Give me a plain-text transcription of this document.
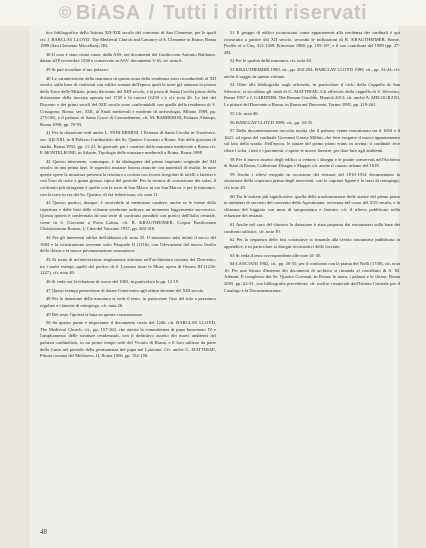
© BiASA / Tutti i diritti riservati

tico bibliografico dello Istituto XII-XIII secolo del convento di San Clemente, per le quali cfr. J. BARCLAY LLOYD, The Medieval Church and Canonry of S. Clemente in Rome, Roma 1989 (San Clemente Miscellany, III).

38 Il caso è stato citato come, dalla ASS, nei documenti del Guidiccioni Antonio Balduino, datato all'8 novembre 1550 e conservato in ASV, documento 3-16, cfr. nota 6.

39 Si può ricordare il suo palazzo.

40 Le caratteristiche della muratura in questa zona della residenza sono riconducibili al XII secolo, sulla base di confronti con edifici romani dell'epoca quali la torre già annessa in piazza della Torre delle Milizie, primo decennio del XIII secolo, e la porta di Santa Cecilia prima della distruzione della facciata operata nel 1725 e le carceri (1250 c.); cfr. nota 26. Le fasi del Ducento e dei primi secoli del XIII secolo sono confrontabili con quelle della residenza di S. Crisogono, Roma, sec. XIII, in Studi medievali e moderni di archeologia, Milano 1989, pp. 275-305, e il palazzo di Santa Croce di Gerusalemme, cfr. M. BARBERINI, Palazzo Altemps, Roma 1999, pp. 70-93.

41 Per la datazione vedi anche L. PANI ERMINI, I Palazzo di Santa Cecilia in Trastevere, sec. XII-XIII, in Il Palazzo Cardinalizio dei Ss. Quattro Coronati a Roma. Atti della giornata di studio, Roma 1992, pp. 11-21. In generale per i caratteri della muratura medievale a Roma cfr. P. MONTELEONE, in Atlante, Tipologia delle murature medievali a Roma, Roma 1998.

42 Questo intervento, comunque, è da distinguere dal primo impianto originale del XII secolo: in una prima fase, le superfici murarie furono risarcite con materiali di risulta. In tutte queste opere la muratura presenta la tessitura a cortina con ricorsi irregolari di tufelli e laterizi e con l'uso di calce a grana grossa, tipica del periodo. Per la tecnica di costruzione dei solai, il confronto più stringente è quello con la torre di San Marco in via San Marco, e per le murature, con la torre in via dei Ss. Quattro, di età federiciana, cfr. nota 11.

43 Questo portico, dunque, è ascrivibile al medesimo cantiere, anche se le forme della copertura e delle basi delle colonne sembrano indicare un momento leggermente successivo. Questa ipotesi è confermata da una serie di confronti possibili con portici dell'Italia centrale, come in S. Giovanni a Porta Latina, cfr. R. KRAUTHEIMER, Corpus Basilicarum Christianarum Romae, I, Città del Vaticano 1937, pp. 302-318.

44 Per gli interventi edilizi dell'abbazia cfr. nota 35. Il monastero subì infatti il sacco del 1084 e la ricostruzione avvenne sotto Pasquale II (1116), con l'elevazione del nuovo livello della chiesa e la nuova pavimentazione cosmatesca.

45 Si tratta di un'intersezione ampiamente attestata nell'architettura romana del Duecento; tra i molti esempi, quelli del portico di S. Lorenzo fuori le Mura, opera di Onorio III (1216-1227), cfr. nota 40.

46 Si veda ora la relazione di scavo del 1983, in particolare le pp. 12-19.

47 Questi esempi permettono di datare l'intervento agli ultimi decenni del XIII secolo.

48 Per la datazione della muratura si veda il testo, in particolare l'uso del tufo a pezzatura regolare e i laterizi di reimpiego, cfr. nota 26.

49 Del resto l'ipotesi si basa su questa constatazione.

50 Su questo punto è importante il documento citato del 1246, cfr. BARCLAY LLOYD, The Medieval Church, cit., pp. 157-163, che attesta la committenza di papa Innocenzo IV e l'ampliamento delle strutture residenziali, con il definitivo assetto dei nuovi ambienti del palazzo cardinalizio, in un primo tempo sede del Vicario di Roma, e il loro utilizzo da parte della Curia nel periodo della permanenza del papa nel Laterano. Cfr. anche G. MATTHIAE, Pittura romana del Medioevo, II, Roma 1966, pp. 152-158.

51 Il gruppo di edifici riconosciuti come appartenenti alla residenza dei cardinali è qui ricostruito a partire dal XII secolo, secondo le indicazioni di R. KRAUTHEIMER, Rome. Profile of a City, 312-1308, Princeton 1980, pp. 195-197, e il suo contributo del 1989 (pp. 27-28).

52 Per le qualità della muratura, cfr. nota 40.

53 KRAUTHEIMER 1980, cit., pp. 203-204; BARCLAY LLOYD 1989, cit., pp. 33-44; cfr. anche il saggio in questo volume.

54 Oltre alla bibliografia sugli affreschi, in particolare il ciclo della Cappella di San Silvestro, si ricordano gli studi di G. MATTHIAE, Gli affreschi della cappella di S. Silvestro, Roma 1957 e J. GARDNER, The Roman Crucible, Munich 2013; cfr. anche A. MELOGRANI, Le pitture del Duecento a Roma, in Roma nel Duecento, Torino 1991, pp. 219-261.

55 Cfr. nota 40.

56 BARCLAY LLOYD 1989, cit., pp. 34-35.

57 Dalla documentazione raccolta risulta che il palazzo venne ristrutturato tra il 1604 e il 1621, ad opera del cardinale Giovanni Garzia Millini, che fece eseguire il nuovo appartamento sul lato della strada. Nell'epoca, le stanze del primo piano erano in rovina; il cardinale fece rifare i solai, i tetti e i pavimenti, e aprire le nuove finestre, per dare luce agli ambienti.

58 Per il nuovo assetto degli edifici si vedano i disegni e le piante conservati nell'Archivio di Stato di Roma, Collezione Disegni e Mappe; cfr. anche il catasto urbano del 1818.

59 Anche i rilievi eseguiti in occasione dei restauri del 1910-1914 documentano la situazione della copertura prima degli interventi, con le capriate lignee e le travi di reimpiego, cfr. nota 45.

60 Tra le notizie più significative, quella della trasformazione delle stanze del primo piano in ambienti di servizio del convento delle Agostiniane, avvenuta nel corso del XVI secolo, e la chiusura del loggiato con muri di tamponatura e finestre; cfr. il rilievo pubblicato nella relazione dei restauri.

61 Anche nel caso del chiostro la datazione è stata proposta dai restauratori sulla base dei confronti stilistici, cfr. nota 39.

62 Per la sequenza delle fasi costruttive si rimanda alla tavola riassuntiva pubblicata in appendice, e in particolare ai disegni ricostruttivi delle facciate.

63 Si veda il testo corrispondente alle note 41-45.

64 LANCIANI 1902, cit., pp. 30-35; per il confronto con la pianta del Nolli (1748), cfr. nota 16. Per una lettura d'insieme dei documenti di archivio si rimanda al contributo di A. M. Affanni, Il complesso dei Ss. Quattro Coronati, in Roma: le mura, i palazzi e le chiese, Roma 2005, pp. 22-31, con bibliografia precedente; cfr. inoltre i materiali dell'Istituto Centrale per il Catalogo e la Documentazione.

48
